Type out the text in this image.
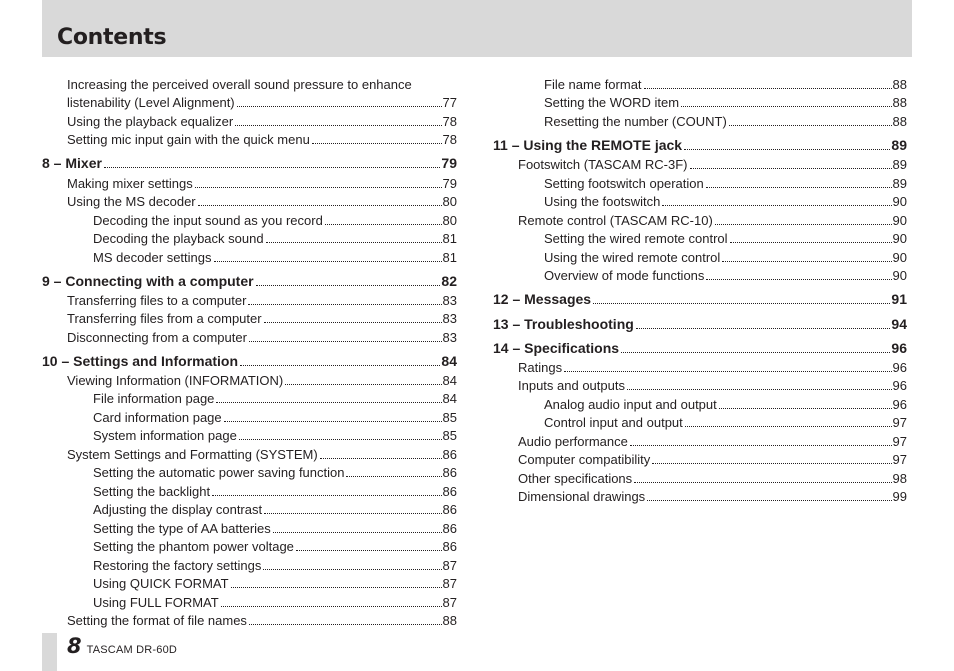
Contents
Increasing the perceived overall sound pressure to enhance
listenability (Level Alignment)	77
Using the playback equalizer	78
Setting mic input gain with the quick menu	78
8 – Mixer	79
Making mixer settings	79
Using the MS decoder	80
Decoding the input sound as you record	80
Decoding the playback sound	81
MS decoder settings	81
9 – Connecting with a computer	82
Transferring files to a computer	83
Transferring files from a computer	83
Disconnecting from a computer	83
10 – Settings and Information	84
Viewing Information (INFORMATION)	84
File information page	84
Card information page	85
System information page	85
System Settings and Formatting (SYSTEM)	86
Setting the automatic power saving function	86
Setting the backlight	86
Adjusting the display contrast	86
Setting the type of AA batteries	86
Setting the phantom power voltage	86
Restoring the factory settings	87
Using QUICK FORMAT	87
Using FULL FORMAT	87
Setting the format of file names	88
File name format	88
Setting the WORD item	88
Resetting the number (COUNT)	88
11 – Using the REMOTE jack	89
Footswitch (TASCAM RC-3F)	89
Setting footswitch operation	89
Using the footswitch	90
Remote control (TASCAM RC-10)	90
Setting the wired remote control	90
Using the wired remote control	90
Overview of mode functions	90
12 – Messages	91
13 – Troubleshooting	94
14 – Specifications	96
Ratings	96
Inputs and outputs	96
Analog audio input and output	96
Control input and output	97
Audio performance	97
Computer compatibility	97
Other specifications	98
Dimensional drawings	99
8 TASCAM DR-60D
